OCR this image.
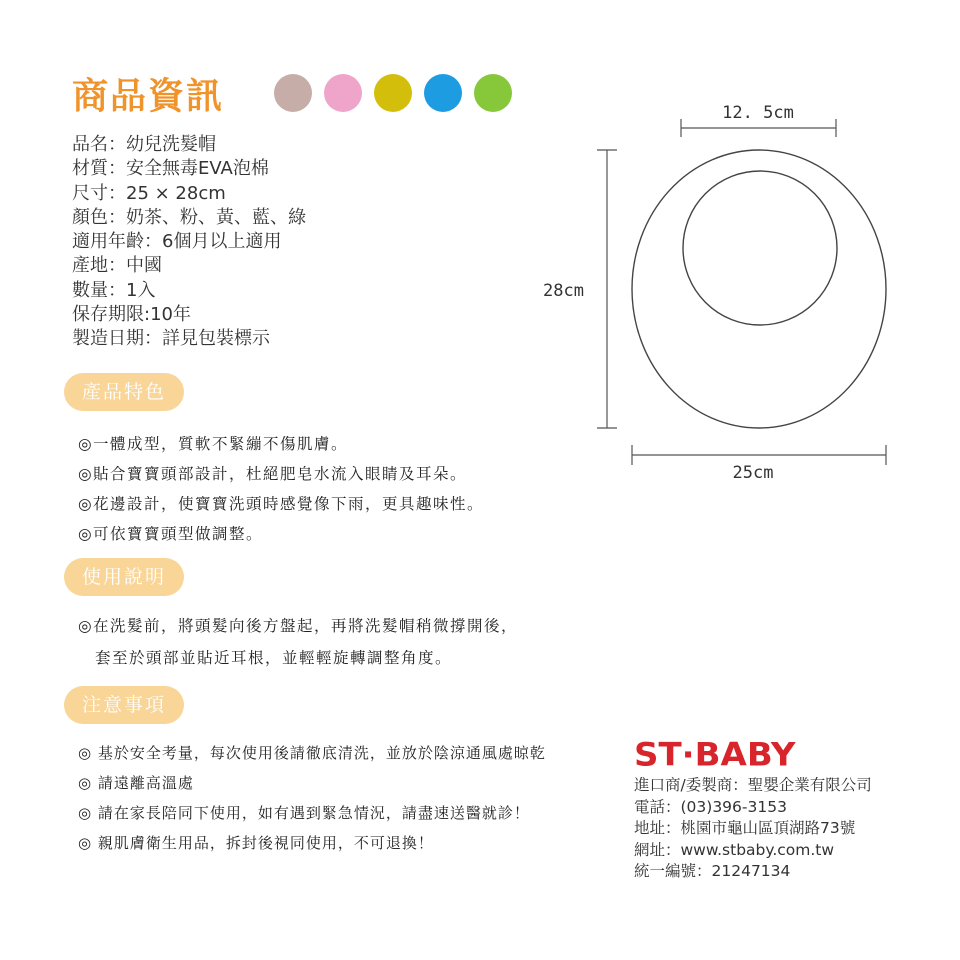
商品資訊
品名：幼兒洗髮帽
材質：安全無毒EVA泡棉
尺寸：25 × 28cm
顏色：奶茶、粉、黃、藍、綠
適用年齡：6個月以上適用
產地：中國
數量：1入
保存期限:10年
製造日期：詳見包裝標示
12. 5cm
28cm
25cm
產品特色
◎一體成型，質軟不緊繃不傷肌膚。
◎貼合寶寶頭部設計，杜絕肥皂水流入眼睛及耳朵。
◎花邊設計，使寶寶洗頭時感覺像下雨，更具趣味性。
◎可依寶寶頭型做調整。
使用說明
◎在洗髮前，將頭髮向後方盤起，再將洗髮帽稍微撐開後，
　套至於頭部並貼近耳根，並輕輕旋轉調整角度。
注意事項
◎ 基於安全考量，每次使用後請徹底清洗，並放於陰涼通風處晾乾
◎ 請遠離高溫處
◎ 請在家長陪同下使用，如有遇到緊急情況，請盡速送醫就診！
◎ 親肌膚衛生用品，拆封後視同使用，不可退換！
ST·BABY
進口商/委製商：聖嬰企業有限公司
電話：(03)396-3153
地址：桃園市龜山區頂湖路73號
網址：www.stbaby.com.tw
統一編號：21247134
